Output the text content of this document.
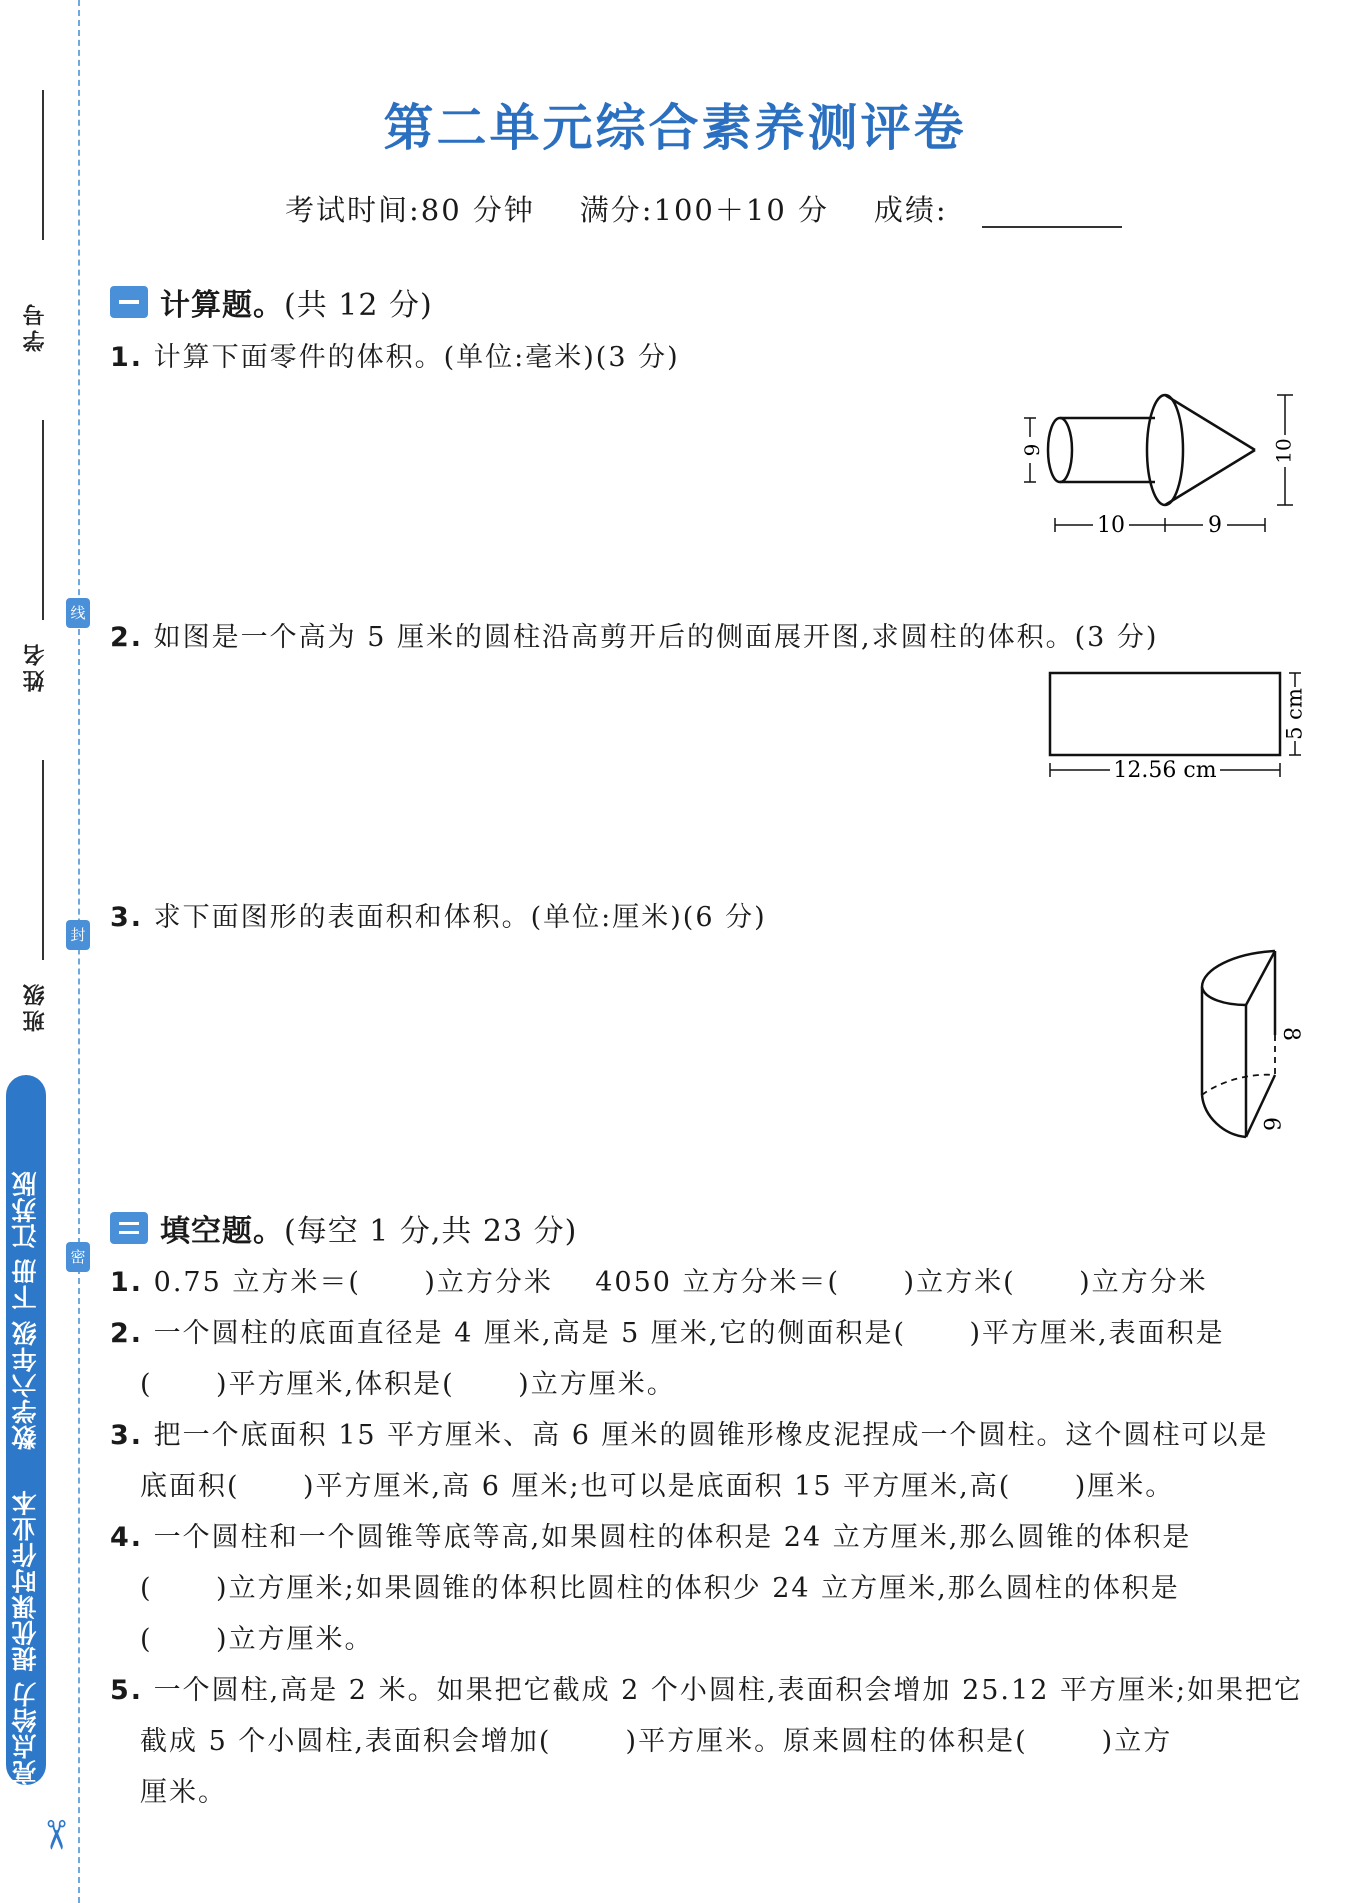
学号
姓名
班级
线
封
密
亮点给力 提优课时作业本  数学六年级 下册 江苏版
✂
第二单元综合素养测评卷
考试时间:80 分钟    满分:100＋10 分    成绩:
计算题。(共 12 分)
1. 计算下面零件的体积。(单位:毫米)(3 分)
6	10
10	9
2. 如图是一个高为 5 厘米的圆柱沿高剪开后的侧面展开图,求圆柱的体积。(3 分)
12.56 cm
5 cm
3. 求下面图形的表面积和体积。(单位:厘米)(6 分)
8
6
填空题。(每空 1 分,共 23 分)
1. 0.75 立方米＝(      )立方分米    4050 立方分米＝(      )立方米(      )立方分米
2. 一个圆柱的底面直径是 4 厘米,高是 5 厘米,它的侧面积是(      )平方厘米,表面积是
(      )平方厘米,体积是(      )立方厘米。
3. 把一个底面积 15 平方厘米、高 6 厘米的圆锥形橡皮泥捏成一个圆柱。这个圆柱可以是
底面积(      )平方厘米,高 6 厘米;也可以是底面积 15 平方厘米,高(      )厘米。
4. 一个圆柱和一个圆锥等底等高,如果圆柱的体积是 24 立方厘米,那么圆锥的体积是
(      )立方厘米;如果圆锥的体积比圆柱的体积少 24 立方厘米,那么圆柱的体积是
(      )立方厘米。
5. 一个圆柱,高是 2 米。如果把它截成 2 个小圆柱,表面积会增加 25.12 平方厘米;如果把它
截成 5 个小圆柱,表面积会增加(       )平方厘米。原来圆柱的体积是(       )立方
厘米。
